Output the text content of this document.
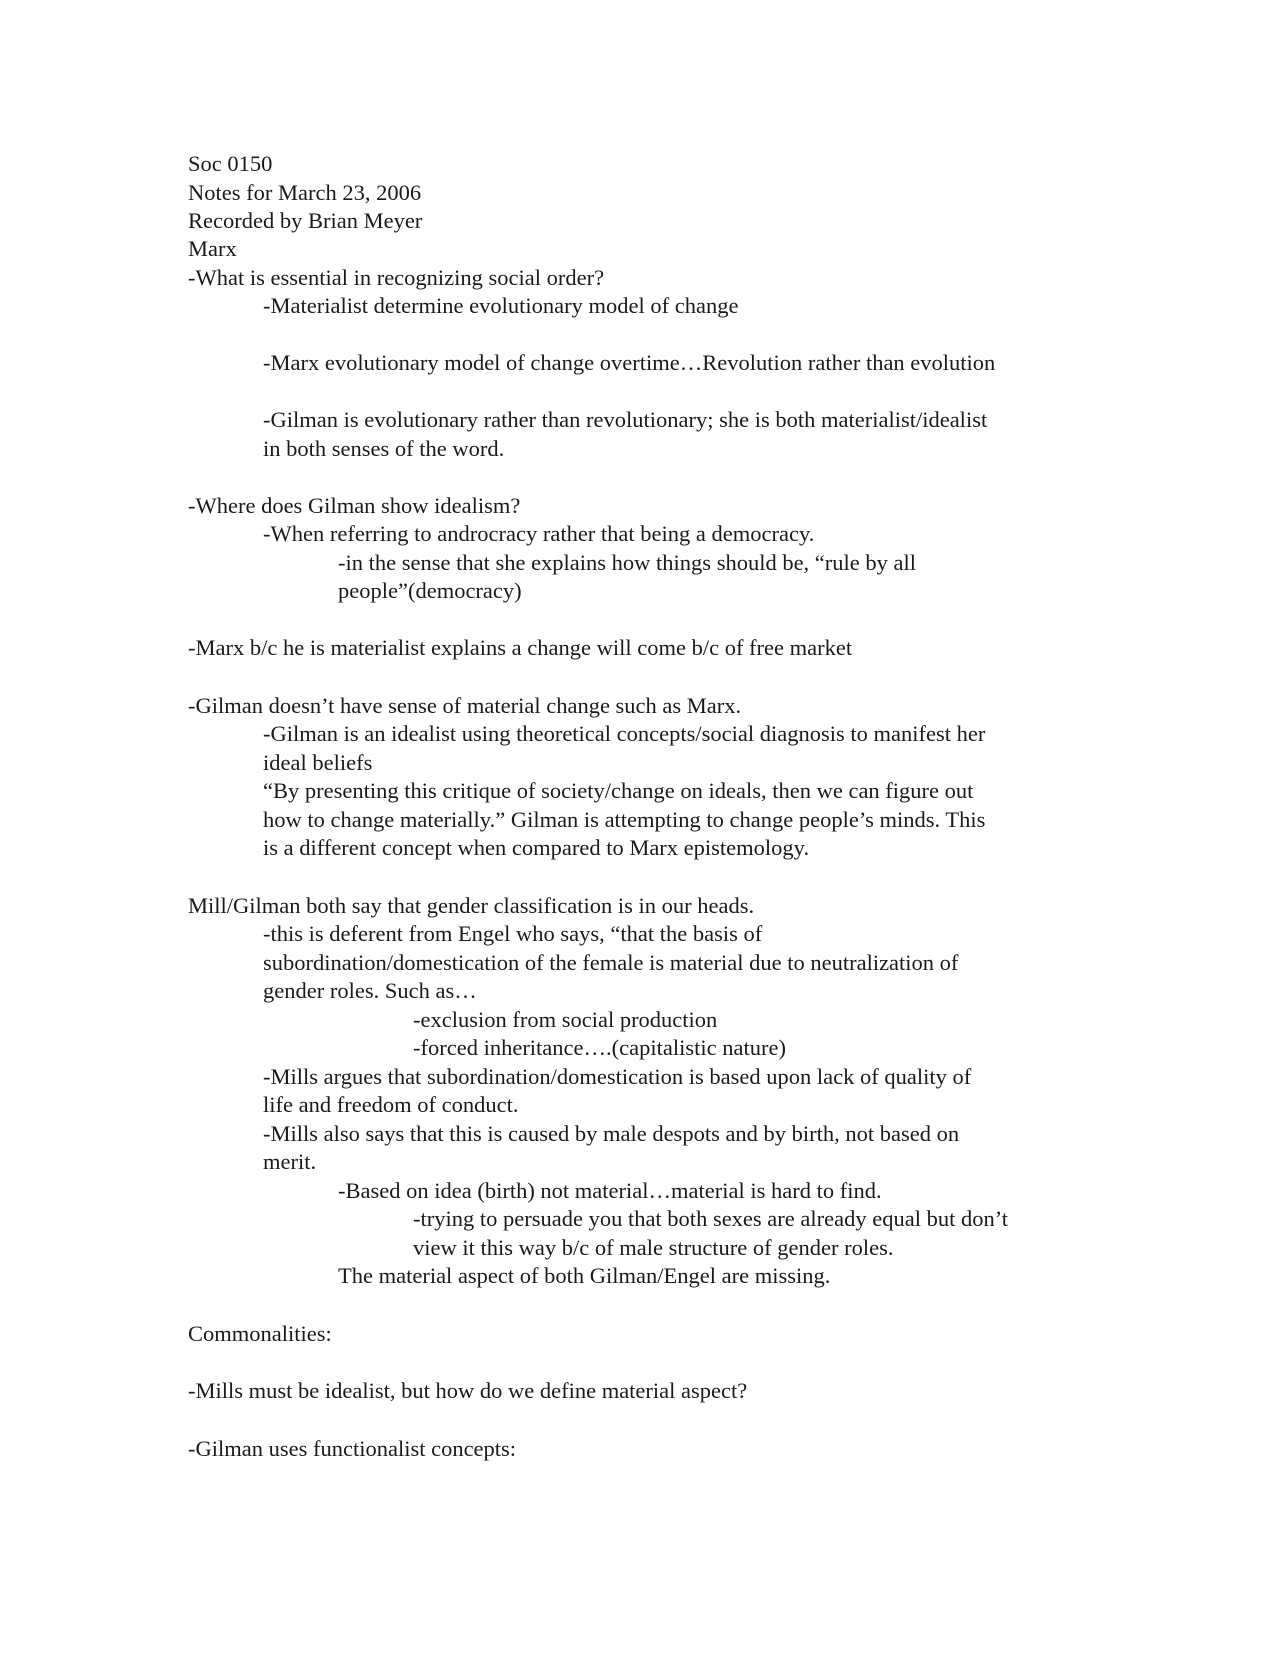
Soc 0150
Notes for March 23, 2006
Recorded by Brian Meyer
Marx
-What is essential in recognizing social order?
-Materialist determine evolutionary model of change
-Marx evolutionary model of change overtime…Revolution rather than evolution
-Gilman is evolutionary rather than revolutionary; she is both materialist/idealist
in both senses of the word.
-Where does Gilman show idealism?
-When referring to androcracy rather that being a democracy.
-in the sense that she explains how things should be, “rule by all
people”(democracy)
-Marx b/c he is materialist explains a change will come b/c of free market
-Gilman doesn’t have sense of material change such as Marx.
-Gilman is an idealist using theoretical concepts/social diagnosis to manifest her
ideal beliefs
“By presenting this critique of society/change on ideals, then we can figure out
how to change materially.” Gilman is attempting to change people’s minds. This
is a different concept when compared to Marx epistemology.
Mill/Gilman both say that gender classification is in our heads.
-this is deferent from Engel who says, “that the basis of
subordination/domestication of the female is material due to neutralization of
gender roles. Such as…
-exclusion from social production
-forced inheritance….(capitalistic nature)
-Mills argues that subordination/domestication is based upon lack of quality of
life and freedom of conduct.
-Mills also says that this is caused by male despots and by birth, not based on
merit.
-Based on idea (birth) not material…material is hard to find.
-trying to persuade you that both sexes are already equal but don’t
view it this way b/c of male structure of gender roles.
The material aspect of both Gilman/Engel are missing.
Commonalities:
-Mills must be idealist, but how do we define material aspect?
-Gilman uses functionalist concepts:
